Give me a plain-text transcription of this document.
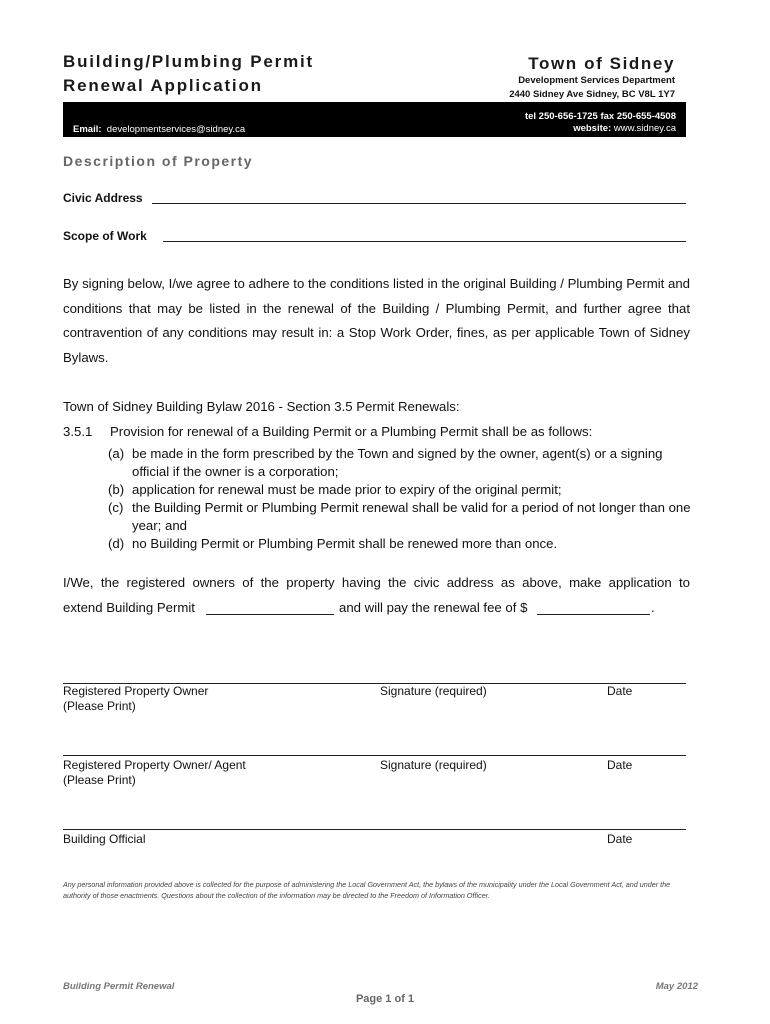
Building/Plumbing Permit
Renewal Application
Town of Sidney
Development Services Department
2440 Sidney Ave Sidney, BC V8L 1Y7
Email: developmentservices@sidney.ca
tel 250-656-1725 fax 250-655-4508
website: www.sidney.ca
Description of Property
Civic Address
Scope of Work
By signing below, I/we agree to adhere to the conditions listed in the original Building / Plumbing Permit and conditions that may be listed in the renewal of the Building / Plumbing Permit, and further agree that contravention of any conditions may result in: a Stop Work Order, fines, as per applicable Town of Sidney Bylaws.
Town of Sidney Building Bylaw 2016 - Section 3.5 Permit Renewals:
3.5.1 Provision for renewal of a Building Permit or a Plumbing Permit shall be as follows:
(a) be made in the form prescribed by the Town and signed by the owner, agent(s) or a signing official if the owner is a corporation;
(b) application for renewal must be made prior to expiry of the original permit;
(c) the Building Permit or Plumbing Permit renewal shall be valid for a period of not longer than one year; and
(d) no Building Permit or Plumbing Permit shall be renewed more than once.
I/We, the registered owners of the property having the civic address as above, make application to
extend Building Permit	and will pay the renewal fee of $	.
Registered Property Owner
(Please Print)
Signature (required)	Date
Registered Property Owner/ Agent
(Please Print)
Signature (required)	Date
Building Official	Date
Any personal information provided above is collected for the purpose of administering the Local Government Act, the bylaws of the municipality under the Local Government Act, and under the authority of those enactments. Questions about the collection of the information may be directed to the Freedom of Information Officer.
Building Permit Renewal	May 2012
Page 1 of 1
